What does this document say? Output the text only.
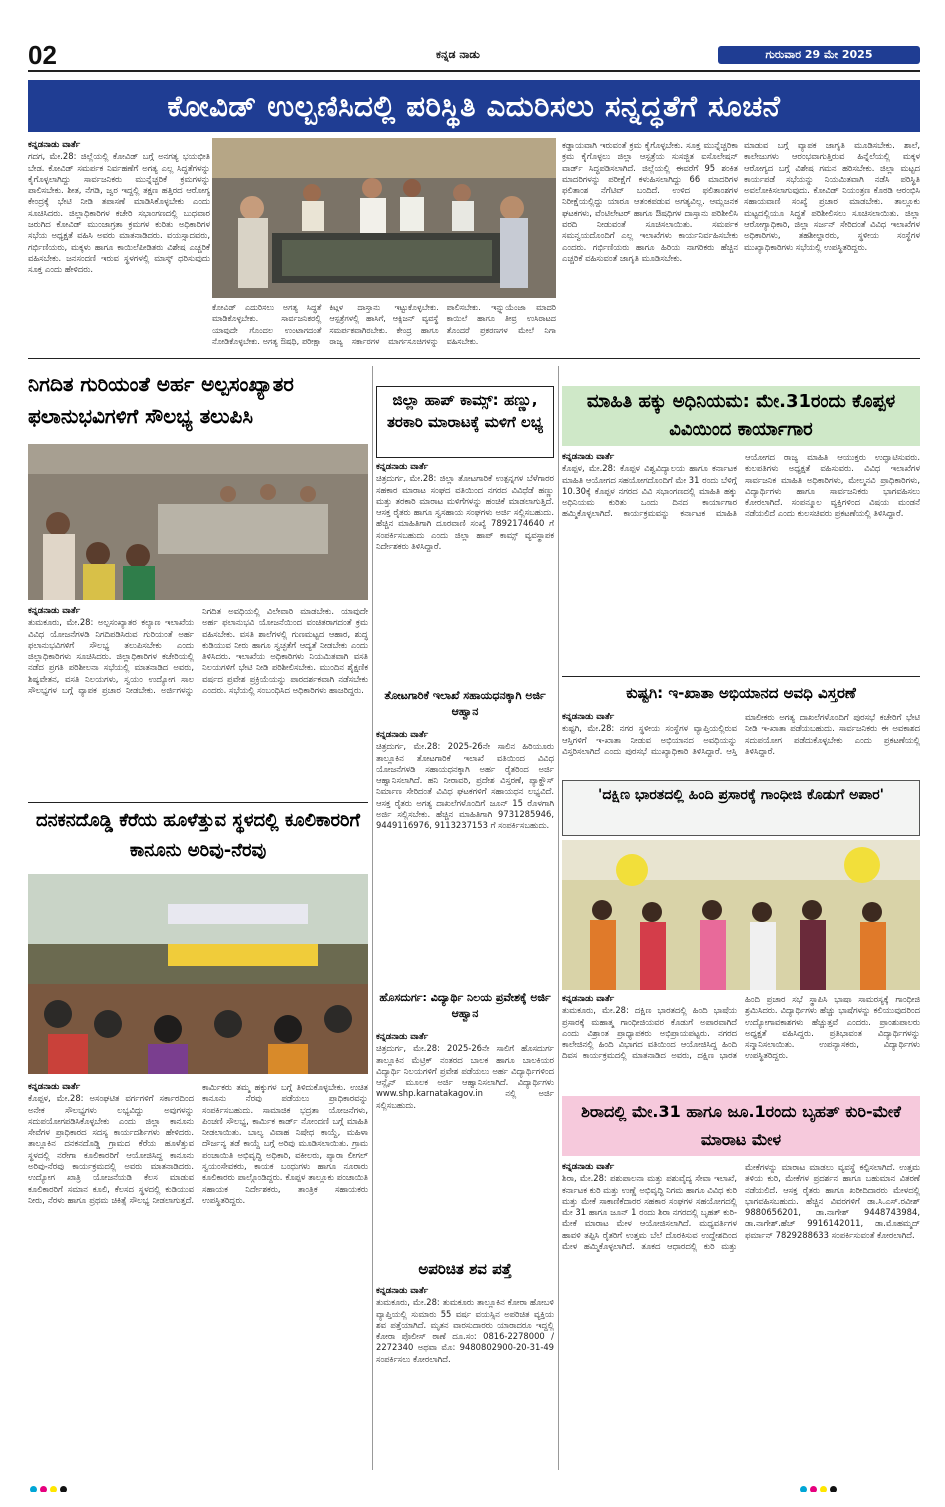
02	ಕನ್ನಡ ನಾಡು	ಗುರುವಾರ 29 ಮೇ 2025
ಕೋವಿಡ್ ಉಲ್ಬಣಿಸಿದಲ್ಲಿ ಪರಿಸ್ಥಿತಿ ಎದುರಿಸಲು ಸನ್ನದ್ಧತೆಗೆ ಸೂಚನೆ
ಕನ್ನಡನಾಡು ವಾರ್ತೆ
ಗದಗ, ಮೇ.28: ಜಿಲ್ಲೆಯಲ್ಲಿ ಕೋವಿಡ್ ಬಗ್ಗೆ ಅನಗತ್ಯ ಭಯಭೀತಿ ಬೇಡ. ಕೋವಿಡ್ ಸಮರ್ಪಕ ನಿರ್ವಹಣೆಗೆ ಅಗತ್ಯ ಎಲ್ಲ ಸಿದ್ಧತೆಗಳನ್ನು ಕೈಗೊಳ್ಳಲಾಗಿದ್ದು ಸಾರ್ವಜನಿಕರು ಮುನ್ನೆಚ್ಚರಿಕೆ ಕ್ರಮಗಳನ್ನು ಪಾಲಿಸಬೇಕು. ಶೀತ, ನೆಗಡಿ, ಜ್ವರ ಇದ್ದಲ್ಲಿ ತಕ್ಷಣ ಹತ್ತಿರದ ಆರೋಗ್ಯ ಕೇಂದ್ರಕ್ಕೆ ಭೇಟಿ ನೀಡಿ ತಪಾಸಣೆ ಮಾಡಿಸಿಕೊಳ್ಳಬೇಕು ಎಂದು ಸೂಚಿಸಿದರು. ಜಿಲ್ಲಾಧಿಕಾರಿಗಳ ಕಚೇರಿ ಸಭಾಂಗಣದಲ್ಲಿ ಬುಧವಾರ ಜರುಗಿದ ಕೋವಿಡ್ ಮುಂಜಾಗ್ರತಾ ಕ್ರಮಗಳ ಕುರಿತು ಅಧಿಕಾರಿಗಳ ಸಭೆಯ ಅಧ್ಯಕ್ಷತೆ ವಹಿಸಿ ಅವರು ಮಾತನಾಡಿದರು. ವಯಸ್ಸಾದವರು, ಗರ್ಭಿಣಿಯರು, ಮಕ್ಕಳು ಹಾಗೂ ಕಾಯಿಲೆಪೀಡಿತರು ವಿಶೇಷ ಎಚ್ಚರಿಕೆ ವಹಿಸಬೇಕು. ಜನಸಂದಣಿ ಇರುವ ಸ್ಥಳಗಳಲ್ಲಿ ಮಾಸ್ಕ್ ಧರಿಸುವುದು ಸೂಕ್ತ ಎಂದು ಹೇಳಿದರು.
ಕೋವಿಡ್ ಎದುರಿಸಲು ಅಗತ್ಯ ಸಿದ್ಧತೆ ಮಾಡಿಕೊಳ್ಳಬೇಕು. ಸಾರ್ವಜನಿಕರಲ್ಲಿ ಯಾವುದೇ ಗೊಂದಲ ಉಂಟಾಗದಂತೆ ನೋಡಿಕೊಳ್ಳಬೇಕು. ಅಗತ್ಯ ಔಷಧಿ, ಪರೀಕ್ಷಾ ಕಿಟ್ಗಳ ದಾಸ್ತಾನು ಇಟ್ಟುಕೊಳ್ಳಬೇಕು. ಆಸ್ಪತ್ರೆಗಳಲ್ಲಿ ಹಾಸಿಗೆ, ಆಕ್ಸಿಜನ್ ವ್ಯವಸ್ಥೆ ಸಮರ್ಪಕವಾಗಿರಬೇಕು. ಕೇಂದ್ರ ಹಾಗೂ ರಾಜ್ಯ ಸರ್ಕಾರಗಳ ಮಾರ್ಗಸೂಚಿಗಳನ್ನು ಪಾಲಿಸಬೇಕು. ಇನ್ಫ್ಲುಯೆಂಜಾ ಮಾದರಿ ಕಾಯಿಲೆ ಹಾಗೂ ತೀವ್ರ ಉಸಿರಾಟದ ತೊಂದರೆ ಪ್ರಕರಣಗಳ ಮೇಲೆ ನಿಗಾ ವಹಿಸಬೇಕು.
ಕಡ್ಡಾಯವಾಗಿ ಇರುವಂತೆ ಕ್ರಮ ಕೈಗೊಳ್ಳಬೇಕು. ಸೂಕ್ತ ಮುನ್ನೆಚ್ಚರಿಕಾ ಕ್ರಮ ಕೈಗೊಳ್ಳಲು ಜಿಲ್ಲಾ ಆಸ್ಪತ್ರೆಯ ಸುಸಜ್ಜಿತ ಐಸೊಲೇಷನ್ ವಾರ್ಡ್ ಸಿದ್ಧಪಡಿಸಲಾಗಿದೆ. ಜಿಲ್ಲೆಯಲ್ಲಿ ಈವರೆಗೆ 95 ಶಂಕಿತ ಮಾದರಿಗಳನ್ನು ಪರೀಕ್ಷೆಗೆ ಕಳುಹಿಸಲಾಗಿದ್ದು 66 ಮಾದರಿಗಳ ಫಲಿತಾಂಶ ನೆಗೆಟಿವ್ ಬಂದಿದೆ. ಉಳಿದ ಫಲಿತಾಂಶಗಳ ನಿರೀಕ್ಷೆಯಲ್ಲಿದ್ದು ಯಾರೂ ಆತಂಕಪಡುವ ಅಗತ್ಯವಿಲ್ಲ. ಆಮ್ಲಜನಕ ಘಟಕಗಳು, ವೆಂಟಿಲೇಟರ್ ಹಾಗೂ ಔಷಧಿಗಳ ದಾಸ್ತಾನು ಪರಿಶೀಲಿಸಿ ವರದಿ ನೀಡುವಂತೆ ಸೂಚಿಸಲಾಯಿತು. ಸಮರ್ಪಕ ಸಮನ್ವಯದೊಂದಿಗೆ ಎಲ್ಲ ಇಲಾಖೆಗಳು ಕಾರ್ಯನಿರ್ವಹಿಸಬೇಕು ಎಂದರು. ಗರ್ಭಿಣಿಯರು ಹಾಗೂ ಹಿರಿಯ ನಾಗರಿಕರು ಹೆಚ್ಚಿನ ಎಚ್ಚರಿಕೆ ವಹಿಸುವಂತೆ ಜಾಗೃತಿ ಮೂಡಿಸಬೇಕು.
ಮಾಡುವ ಬಗ್ಗೆ ವ್ಯಾಪಕ ಜಾಗೃತಿ ಮೂಡಿಸಬೇಕು. ಶಾಲೆ, ಕಾಲೇಜುಗಳು ಆರಂಭವಾಗುತ್ತಿರುವ ಹಿನ್ನೆಲೆಯಲ್ಲಿ ಮಕ್ಕಳ ಆರೋಗ್ಯದ ಬಗ್ಗೆ ವಿಶೇಷ ಗಮನ ಹರಿಸಬೇಕು. ಜಿಲ್ಲಾ ಮಟ್ಟದ ಕಾರ್ಯಪಡೆ ಸಭೆಯನ್ನು ನಿಯಮಿತವಾಗಿ ನಡೆಸಿ ಪರಿಸ್ಥಿತಿ ಅವಲೋಕಿಸಲಾಗುವುದು. ಕೋವಿಡ್ ನಿಯಂತ್ರಣ ಕೊಠಡಿ ಆರಂಭಿಸಿ ಸಹಾಯವಾಣಿ ಸಂಖ್ಯೆ ಪ್ರಚಾರ ಮಾಡಬೇಕು. ತಾಲ್ಲೂಕು ಮಟ್ಟದಲ್ಲಿಯೂ ಸಿದ್ಧತೆ ಪರಿಶೀಲಿಸಲು ಸೂಚಿಸಲಾಯಿತು. ಜಿಲ್ಲಾ ಆರೋಗ್ಯಾಧಿಕಾರಿ, ಜಿಲ್ಲಾ ಸರ್ಜನ್ ಸೇರಿದಂತೆ ವಿವಿಧ ಇಲಾಖೆಗಳ ಅಧಿಕಾರಿಗಳು, ತಹಶೀಲ್ದಾರರು, ಸ್ಥಳೀಯ ಸಂಸ್ಥೆಗಳ ಮುಖ್ಯಾಧಿಕಾರಿಗಳು ಸಭೆಯಲ್ಲಿ ಉಪಸ್ಥಿತರಿದ್ದರು.
ನಿಗದಿತ ಗುರಿಯಂತೆ ಅರ್ಹ ಅಲ್ಪಸಂಖ್ಯಾತರ ಫಲಾನುಭವಿಗಳಿಗೆ ಸೌಲಭ್ಯ ತಲುಪಿಸಿ
ಕನ್ನಡನಾಡು ವಾರ್ತೆ
ತುಮಕೂರು, ಮೇ.28: ಅಲ್ಪಸಂಖ್ಯಾತರ ಕಲ್ಯಾಣ ಇಲಾಖೆಯ ವಿವಿಧ ಯೋಜನೆಗಳಡಿ ನಿಗದಿಪಡಿಸಿರುವ ಗುರಿಯಂತೆ ಅರ್ಹ ಫಲಾನುಭವಿಗಳಿಗೆ ಸೌಲಭ್ಯ ತಲುಪಿಸಬೇಕು ಎಂದು ಜಿಲ್ಲಾಧಿಕಾರಿಗಳು ಸೂಚಿಸಿದರು. ಜಿಲ್ಲಾಧಿಕಾರಿಗಳ ಕಚೇರಿಯಲ್ಲಿ ನಡೆದ ಪ್ರಗತಿ ಪರಿಶೀಲನಾ ಸಭೆಯಲ್ಲಿ ಮಾತನಾಡಿದ ಅವರು, ಶಿಷ್ಯವೇತನ, ವಸತಿ ನಿಲಯಗಳು, ಸ್ವಯಂ ಉದ್ಯೋಗ ಸಾಲ ಸೌಲಭ್ಯಗಳ ಬಗ್ಗೆ ವ್ಯಾಪಕ ಪ್ರಚಾರ ನೀಡಬೇಕು. ಅರ್ಜಿಗಳನ್ನು ನಿಗದಿತ ಅವಧಿಯಲ್ಲಿ ವಿಲೇವಾರಿ ಮಾಡಬೇಕು. ಯಾವುದೇ ಅರ್ಹ ಫಲಾನುಭವಿ ಯೋಜನೆಯಿಂದ ವಂಚಿತರಾಗದಂತೆ ಕ್ರಮ ವಹಿಸಬೇಕು. ವಸತಿ ಶಾಲೆಗಳಲ್ಲಿ ಗುಣಮಟ್ಟದ ಆಹಾರ, ಶುದ್ಧ ಕುಡಿಯುವ ನೀರು ಹಾಗೂ ಸ್ವಚ್ಛತೆಗೆ ಆದ್ಯತೆ ನೀಡಬೇಕು ಎಂದು ತಿಳಿಸಿದರು. ಇಲಾಖೆಯ ಅಧಿಕಾರಿಗಳು ನಿಯಮಿತವಾಗಿ ವಸತಿ ನಿಲಯಗಳಿಗೆ ಭೇಟಿ ನೀಡಿ ಪರಿಶೀಲಿಸಬೇಕು. ಮುಂದಿನ ಶೈಕ್ಷಣಿಕ ವರ್ಷದ ಪ್ರವೇಶ ಪ್ರಕ್ರಿಯೆಯನ್ನು ಪಾರದರ್ಶಕವಾಗಿ ನಡೆಸಬೇಕು ಎಂದರು. ಸಭೆಯಲ್ಲಿ ಸಂಬಂಧಿಸಿದ ಅಧಿಕಾರಿಗಳು ಹಾಜರಿದ್ದರು.
ದನಕನದೊಡ್ಡಿ ಕೆರೆಯ ಹೂಳೆತ್ತುವ ಸ್ಥಳದಲ್ಲಿ ಕೂಲಿಕಾರರಿಗೆ ಕಾನೂನು ಅರಿವು-ನೆರವು
ಕನ್ನಡನಾಡು ವಾರ್ತೆ
ಕೊಪ್ಪಳ, ಮೇ.28: ಅಸಂಘಟಿತ ವರ್ಗಗಳಿಗೆ ಸರ್ಕಾರದಿಂದ ಅನೇಕ ಸೌಲಭ್ಯಗಳು ಲಭ್ಯವಿದ್ದು ಅವುಗಳನ್ನು ಸದುಪಯೋಗಪಡಿಸಿಕೊಳ್ಳಬೇಕು ಎಂದು ಜಿಲ್ಲಾ ಕಾನೂನು ಸೇವೆಗಳ ಪ್ರಾಧಿಕಾರದ ಸದಸ್ಯ ಕಾರ್ಯದರ್ಶಿಗಳು ಹೇಳಿದರು. ತಾಲ್ಲೂಕಿನ ದನಕನದೊಡ್ಡಿ ಗ್ರಾಮದ ಕೆರೆಯ ಹೂಳೆತ್ತುವ ಸ್ಥಳದಲ್ಲಿ ನರೇಗಾ ಕೂಲಿಕಾರರಿಗೆ ಆಯೋಜಿಸಿದ್ದ ಕಾನೂನು ಅರಿವು-ನೆರವು ಕಾರ್ಯಕ್ರಮದಲ್ಲಿ ಅವರು ಮಾತನಾಡಿದರು. ಉದ್ಯೋಗ ಖಾತ್ರಿ ಯೋಜನೆಯಡಿ ಕೆಲಸ ಮಾಡುವ ಕೂಲಿಕಾರರಿಗೆ ಸಮಾನ ಕೂಲಿ, ಕೆಲಸದ ಸ್ಥಳದಲ್ಲಿ ಕುಡಿಯುವ ನೀರು, ನೆರಳು ಹಾಗೂ ಪ್ರಥಮ ಚಿಕಿತ್ಸೆ ಸೌಲಭ್ಯ ನೀಡಲಾಗುತ್ತದೆ. ಕಾರ್ಮಿಕರು ತಮ್ಮ ಹಕ್ಕುಗಳ ಬಗ್ಗೆ ತಿಳಿದುಕೊಳ್ಳಬೇಕು. ಉಚಿತ ಕಾನೂನು ನೆರವು ಪಡೆಯಲು ಪ್ರಾಧಿಕಾರವನ್ನು ಸಂಪರ್ಕಿಸಬಹುದು. ಸಾಮಾಜಿಕ ಭದ್ರತಾ ಯೋಜನೆಗಳು, ಪಿಂಚಣಿ ಸೌಲಭ್ಯ, ಕಾರ್ಮಿಕ ಕಾರ್ಡ್ ನೋಂದಣಿ ಬಗ್ಗೆ ಮಾಹಿತಿ ನೀಡಲಾಯಿತು. ಬಾಲ್ಯ ವಿವಾಹ ನಿಷೇಧ ಕಾಯ್ದೆ, ಮಹಿಳಾ ದೌರ್ಜನ್ಯ ತಡೆ ಕಾಯ್ದೆ ಬಗ್ಗೆ ಅರಿವು ಮೂಡಿಸಲಾಯಿತು. ಗ್ರಾಮ ಪಂಚಾಯಿತಿ ಅಭಿವೃದ್ಧಿ ಅಧಿಕಾರಿ, ವಕೀಲರು, ಪ್ಯಾರಾ ಲೀಗಲ್ ಸ್ವಯಂಸೇವಕರು, ಕಾಯಕ ಬಂಧುಗಳು ಹಾಗೂ ನೂರಾರು ಕೂಲಿಕಾರರು ಪಾಲ್ಗೊಂಡಿದ್ದರು. ಕೊಪ್ಪಳ ತಾಲ್ಲೂಕು ಪಂಚಾಯಿತಿ ಸಹಾಯಕ ನಿರ್ದೇಶಕರು, ತಾಂತ್ರಿಕ ಸಹಾಯಕರು ಉಪಸ್ಥಿತರಿದ್ದರು.
ಜಿಲ್ಲಾ ಹಾಪ್ ಕಾಮ್ಸ್: ಹಣ್ಣು, ತರಕಾರಿ ಮಾರಾಟಕ್ಕೆ ಮಳಿಗೆ ಲಭ್ಯ
ಕನ್ನಡನಾಡು ವಾರ್ತೆ
ಚಿತ್ರದುರ್ಗ, ಮೇ.28: ಜಿಲ್ಲಾ ತೋಟಗಾರಿಕೆ ಉತ್ಪನ್ನಗಳ ಬೆಳೆಗಾರರ ಸಹಕಾರ ಮಾರಾಟ ಸಂಘದ ವತಿಯಿಂದ ನಗರದ ವಿವಿಧೆಡೆ ಹಣ್ಣು ಮತ್ತು ತರಕಾರಿ ಮಾರಾಟ ಮಳಿಗೆಗಳನ್ನು ಹಂಚಿಕೆ ಮಾಡಲಾಗುತ್ತಿದೆ. ಆಸಕ್ತ ರೈತರು ಹಾಗೂ ಸ್ವಸಹಾಯ ಸಂಘಗಳು ಅರ್ಜಿ ಸಲ್ಲಿಸಬಹುದು. ಹೆಚ್ಚಿನ ಮಾಹಿತಿಗಾಗಿ ದೂರವಾಣಿ ಸಂಖ್ಯೆ 7892174640 ಗೆ ಸಂಪರ್ಕಿಸಬಹುದು ಎಂದು ಜಿಲ್ಲಾ ಹಾಪ್ ಕಾಮ್ಸ್ ವ್ಯವಸ್ಥಾಪಕ ನಿರ್ದೇಶಕರು ತಿಳಿಸಿದ್ದಾರೆ.
ತೋಟಗಾರಿಕೆ ಇಲಾಖೆ ಸಹಾಯಧನಕ್ಕಾಗಿ ಅರ್ಜಿ ಆಹ್ವಾನ
ಕನ್ನಡನಾಡು ವಾರ್ತೆ
ಚಿತ್ರದುರ್ಗ, ಮೇ.28: 2025-26ನೇ ಸಾಲಿನ ಹಿರಿಯೂರು ತಾಲ್ಲೂಕಿನ ತೋಟಗಾರಿಕೆ ಇಲಾಖೆ ವತಿಯಿಂದ ವಿವಿಧ ಯೋಜನೆಗಳಡಿ ಸಹಾಯಧನಕ್ಕಾಗಿ ಅರ್ಹ ರೈತರಿಂದ ಅರ್ಜಿ ಆಹ್ವಾನಿಸಲಾಗಿದೆ. ಹನಿ ನೀರಾವರಿ, ಪ್ರದೇಶ ವಿಸ್ತರಣೆ, ಪ್ಯಾಕ್ಹೌಸ್ ನಿರ್ಮಾಣ ಸೇರಿದಂತೆ ವಿವಿಧ ಘಟಕಗಳಿಗೆ ಸಹಾಯಧನ ಲಭ್ಯವಿದೆ. ಆಸಕ್ತ ರೈತರು ಅಗತ್ಯ ದಾಖಲೆಗಳೊಂದಿಗೆ ಜೂನ್ 15 ರೊಳಗಾಗಿ ಅರ್ಜಿ ಸಲ್ಲಿಸಬೇಕು. ಹೆಚ್ಚಿನ ಮಾಹಿತಿಗಾಗಿ 9731285946, 9449116976, 9113237153 ಗೆ ಸಂಪರ್ಕಿಸಬಹುದು.
ಹೊಸದುರ್ಗ: ವಿದ್ಯಾರ್ಥಿ ನಿಲಯ ಪ್ರವೇಶಕ್ಕೆ ಅರ್ಜಿ ಆಹ್ವಾನ
ಕನ್ನಡನಾಡು ವಾರ್ತೆ
ಚಿತ್ರದುರ್ಗ, ಮೇ.28: 2025-26ನೇ ಸಾಲಿಗೆ ಹೊಸದುರ್ಗ ತಾಲ್ಲೂಕಿನ ಮೆಟ್ರಿಕ್ ನಂತರದ ಬಾಲಕ ಹಾಗೂ ಬಾಲಕಿಯರ ವಿದ್ಯಾರ್ಥಿ ನಿಲಯಗಳಿಗೆ ಪ್ರವೇಶ ಪಡೆಯಲು ಅರ್ಹ ವಿದ್ಯಾರ್ಥಿಗಳಿಂದ ಆನ್ಲೈನ್ ಮೂಲಕ ಅರ್ಜಿ ಆಹ್ವಾನಿಸಲಾಗಿದೆ. ವಿದ್ಯಾರ್ಥಿಗಳು www.shp.karnatakagov.in ನಲ್ಲಿ ಅರ್ಜಿ ಸಲ್ಲಿಸಬಹುದು.
ಅಪರಿಚಿತ ಶವ ಪತ್ತೆ
ಕನ್ನಡನಾಡು ವಾರ್ತೆ
ತುಮಕೂರು, ಮೇ.28: ತುಮಕೂರು ತಾಲ್ಲೂಕಿನ ಕೋರಾ ಹೋಬಳಿ ವ್ಯಾಪ್ತಿಯಲ್ಲಿ ಸುಮಾರು 55 ವರ್ಷ ವಯಸ್ಸಿನ ಅಪರಿಚಿತ ವ್ಯಕ್ತಿಯ ಶವ ಪತ್ತೆಯಾಗಿದೆ. ಮೃತನ ವಾರಸುದಾರರು ಯಾರಾದರೂ ಇದ್ದಲ್ಲಿ ಕೋರಾ ಪೊಲೀಸ್ ಠಾಣೆ ದೂ.ಸಂ: 0816-2278000 / 2272340 ಅಥವಾ ಮೊ: 9480802900-20-31-49 ಸಂಪರ್ಕಿಸಲು ಕೋರಲಾಗಿದೆ.
ಮಾಹಿತಿ ಹಕ್ಕು ಅಧಿನಿಯಮ: ಮೇ.31ರಂದು ಕೊಪ್ಪಳ ವಿವಿಯಿಂದ ಕಾರ್ಯಾಗಾರ
ಕನ್ನಡನಾಡು ವಾರ್ತೆ
ಕೊಪ್ಪಳ, ಮೇ.28: ಕೊಪ್ಪಳ ವಿಶ್ವವಿದ್ಯಾಲಯ ಹಾಗೂ ಕರ್ನಾಟಕ ಮಾಹಿತಿ ಆಯೋಗದ ಸಹಯೋಗದೊಂದಿಗೆ ಮೇ 31 ರಂದು ಬೆಳಿಗ್ಗೆ 10.30ಕ್ಕೆ ಕೊಪ್ಪಳ ನಗರದ ವಿವಿ ಸಭಾಂಗಣದಲ್ಲಿ ಮಾಹಿತಿ ಹಕ್ಕು ಅಧಿನಿಯಮ ಕುರಿತು ಒಂದು ದಿನದ ಕಾರ್ಯಾಗಾರ ಹಮ್ಮಿಕೊಳ್ಳಲಾಗಿದೆ. ಕಾರ್ಯಕ್ರಮವನ್ನು ಕರ್ನಾಟಕ ಮಾಹಿತಿ ಆಯೋಗದ ರಾಜ್ಯ ಮಾಹಿತಿ ಆಯುಕ್ತರು ಉದ್ಘಾಟಿಸುವರು. ಕುಲಪತಿಗಳು ಅಧ್ಯಕ್ಷತೆ ವಹಿಸುವರು. ವಿವಿಧ ಇಲಾಖೆಗಳ ಸಾರ್ವಜನಿಕ ಮಾಹಿತಿ ಅಧಿಕಾರಿಗಳು, ಮೇಲ್ಮನವಿ ಪ್ರಾಧಿಕಾರಿಗಳು, ವಿದ್ಯಾರ್ಥಿಗಳು ಹಾಗೂ ಸಾರ್ವಜನಿಕರು ಭಾಗವಹಿಸಲು ಕೋರಲಾಗಿದೆ. ಸಂಪನ್ಮೂಲ ವ್ಯಕ್ತಿಗಳಿಂದ ವಿಷಯ ಮಂಡನೆ ನಡೆಯಲಿದೆ ಎಂದು ಕುಲಸಚಿವರು ಪ್ರಕಟಣೆಯಲ್ಲಿ ತಿಳಿಸಿದ್ದಾರೆ.
ಕುಷ್ಟಗಿ: ಇ-ಖಾತಾ ಅಭಿಯಾನದ ಅವಧಿ ವಿಸ್ತರಣೆ
ಕನ್ನಡನಾಡು ವಾರ್ತೆ
ಕುಷ್ಟಗಿ, ಮೇ.28: ನಗರ ಸ್ಥಳೀಯ ಸಂಸ್ಥೆಗಳ ವ್ಯಾಪ್ತಿಯಲ್ಲಿರುವ ಆಸ್ತಿಗಳಿಗೆ ಇ-ಖಾತಾ ನೀಡುವ ಅಭಿಯಾನದ ಅವಧಿಯನ್ನು ವಿಸ್ತರಿಸಲಾಗಿದೆ ಎಂದು ಪುರಸಭೆ ಮುಖ್ಯಾಧಿಕಾರಿ ತಿಳಿಸಿದ್ದಾರೆ. ಆಸ್ತಿ ಮಾಲೀಕರು ಅಗತ್ಯ ದಾಖಲೆಗಳೊಂದಿಗೆ ಪುರಸಭೆ ಕಚೇರಿಗೆ ಭೇಟಿ ನೀಡಿ ಇ-ಖಾತಾ ಪಡೆಯಬಹುದು. ಸಾರ್ವಜನಿಕರು ಈ ಅವಕಾಶದ ಸದುಪಯೋಗ ಪಡೆದುಕೊಳ್ಳಬೇಕು ಎಂದು ಪ್ರಕಟಣೆಯಲ್ಲಿ ತಿಳಿಸಿದ್ದಾರೆ.
'ದಕ್ಷಿಣ ಭಾರತದಲ್ಲಿ ಹಿಂದಿ ಪ್ರಸಾರಕ್ಕೆ ಗಾಂಧೀಜಿ ಕೊಡುಗೆ ಅಪಾರ'
ಕನ್ನಡನಾಡು ವಾರ್ತೆ
ತುಮಕೂರು, ಮೇ.28: ದಕ್ಷಿಣ ಭಾರತದಲ್ಲಿ ಹಿಂದಿ ಭಾಷೆಯ ಪ್ರಸಾರಕ್ಕೆ ಮಹಾತ್ಮ ಗಾಂಧೀಜಿಯವರ ಕೊಡುಗೆ ಅಪಾರವಾಗಿದೆ ಎಂದು ವಿಶ್ರಾಂತ ಪ್ರಾಧ್ಯಾಪಕರು ಅಭಿಪ್ರಾಯಪಟ್ಟರು. ನಗರದ ಕಾಲೇಜಿನಲ್ಲಿ ಹಿಂದಿ ವಿಭಾಗದ ವತಿಯಿಂದ ಆಯೋಜಿಸಿದ್ದ ಹಿಂದಿ ದಿವಸ ಕಾರ್ಯಕ್ರಮದಲ್ಲಿ ಮಾತನಾಡಿದ ಅವರು, ದಕ್ಷಿಣ ಭಾರತ ಹಿಂದಿ ಪ್ರಚಾರ ಸಭೆ ಸ್ಥಾಪಿಸಿ ಭಾಷಾ ಸಾಮರಸ್ಯಕ್ಕೆ ಗಾಂಧೀಜಿ ಶ್ರಮಿಸಿದರು. ವಿದ್ಯಾರ್ಥಿಗಳು ಹೆಚ್ಚು ಭಾಷೆಗಳನ್ನು ಕಲಿಯುವುದರಿಂದ ಉದ್ಯೋಗಾವಕಾಶಗಳು ಹೆಚ್ಚುತ್ತವೆ ಎಂದರು. ಪ್ರಾಂಶುಪಾಲರು ಅಧ್ಯಕ್ಷತೆ ವಹಿಸಿದ್ದರು. ಪ್ರತಿಭಾವಂತ ವಿದ್ಯಾರ್ಥಿಗಳನ್ನು ಸನ್ಮಾನಿಸಲಾಯಿತು. ಉಪನ್ಯಾಸಕರು, ವಿದ್ಯಾರ್ಥಿಗಳು ಉಪಸ್ಥಿತರಿದ್ದರು.
ಶಿರಾದಲ್ಲಿ ಮೇ.31 ಹಾಗೂ ಜೂ.1ರಂದು ಬೃಹತ್ ಕುರಿ-ಮೇಕೆ ಮಾರಾಟ ಮೇಳ
ಕನ್ನಡನಾಡು ವಾರ್ತೆ
ಶಿರಾ, ಮೇ.28: ಪಶುಪಾಲನಾ ಮತ್ತು ಪಶುವೈದ್ಯ ಸೇವಾ ಇಲಾಖೆ, ಕರ್ನಾಟಕ ಕುರಿ ಮತ್ತು ಉಣ್ಣೆ ಅಭಿವೃದ್ಧಿ ನಿಗಮ ಹಾಗೂ ವಿವಿಧ ಕುರಿ ಮತ್ತು ಮೇಕೆ ಸಾಕಾಣಿಕೆದಾರರ ಸಹಕಾರ ಸಂಘಗಳ ಸಹಯೋಗದಲ್ಲಿ ಮೇ 31 ಹಾಗೂ ಜೂನ್ 1 ರಂದು ಶಿರಾ ನಗರದಲ್ಲಿ ಬೃಹತ್ ಕುರಿ-ಮೇಕೆ ಮಾರಾಟ ಮೇಳ ಆಯೋಜಿಸಲಾಗಿದೆ. ಮಧ್ಯವರ್ತಿಗಳ ಹಾವಳಿ ತಪ್ಪಿಸಿ ರೈತರಿಗೆ ಉತ್ತಮ ಬೆಲೆ ದೊರಕಿಸುವ ಉದ್ದೇಶದಿಂದ ಮೇಳ ಹಮ್ಮಿಕೊಳ್ಳಲಾಗಿದೆ. ತೂಕದ ಆಧಾರದಲ್ಲಿ ಕುರಿ ಮತ್ತು ಮೇಕೆಗಳನ್ನು ಮಾರಾಟ ಮಾಡಲು ವ್ಯವಸ್ಥೆ ಕಲ್ಪಿಸಲಾಗಿದೆ. ಉತ್ತಮ ತಳಿಯ ಕುರಿ, ಮೇಕೆಗಳ ಪ್ರದರ್ಶನ ಹಾಗೂ ಬಹುಮಾನ ವಿತರಣೆ ನಡೆಯಲಿದೆ. ಆಸಕ್ತ ರೈತರು ಹಾಗೂ ಖರೀದಿದಾರರು ಮೇಳದಲ್ಲಿ ಭಾಗವಹಿಸಬಹುದು. ಹೆಚ್ಚಿನ ವಿವರಗಳಿಗೆ ಡಾ.ಸಿ.ಎಸ್.ರವೀಶ್ 9880656201, ಡಾ.ನಾಗೇಶ್ 9448743984, ಡಾ.ನಾಗೇಶ್.ಹೆಚ್ 9916142011, ಡಾ.ಮೊಹಮ್ಮದ್ ಫರ್ಮಾನ್ 7829288633 ಸಂಪರ್ಕಿಸುವಂತೆ ಕೋರಲಾಗಿದೆ.
